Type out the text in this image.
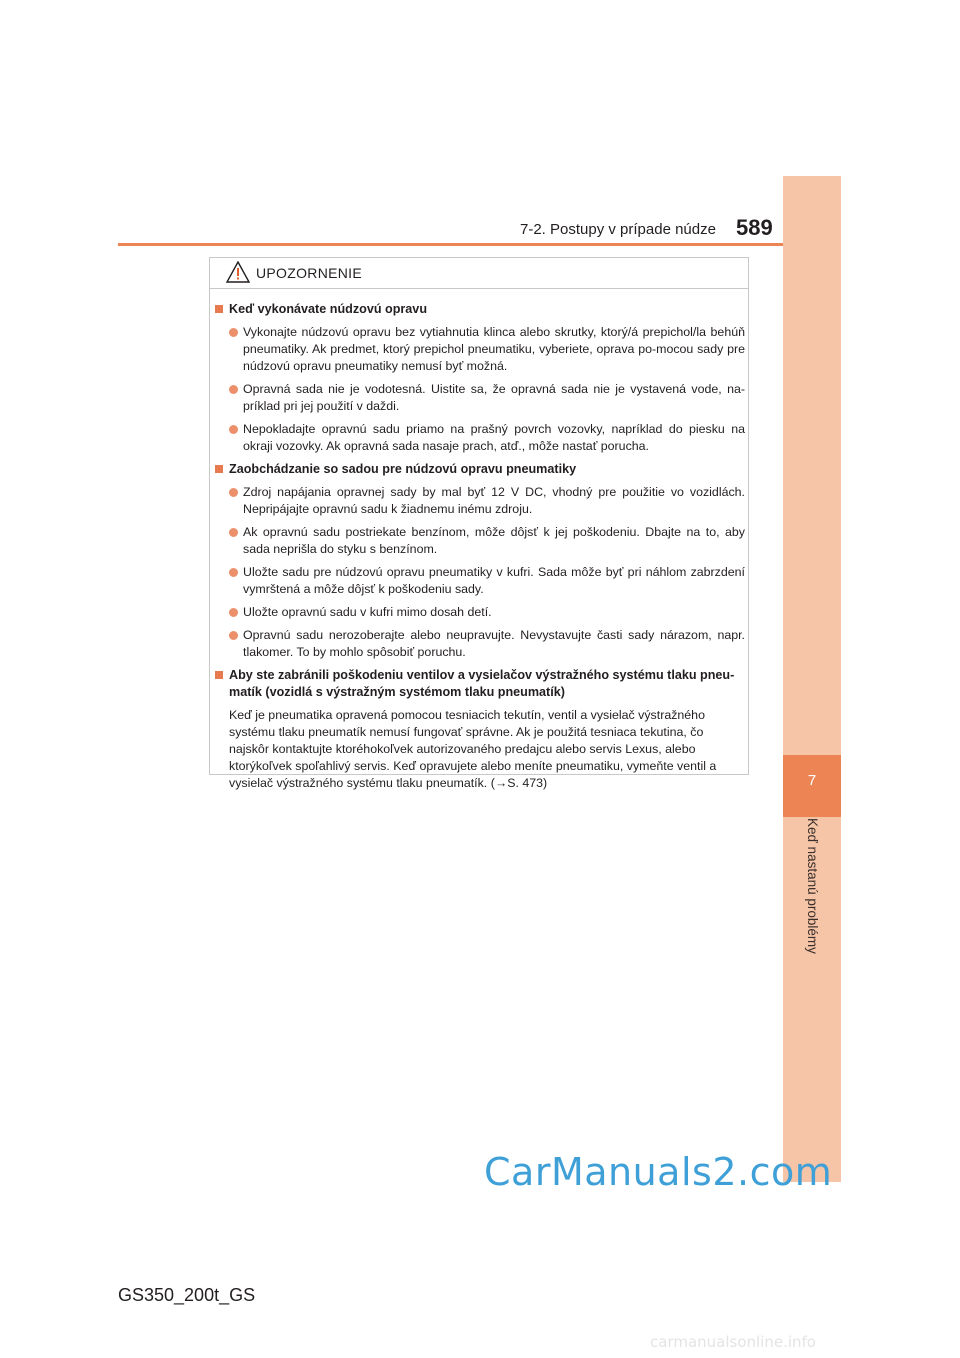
7
Keď nastanú problémy
7-2. Postupy v prípade núdze 589
UPOZORNENIE
Keď vykonávate núdzovú opravu
Vykonajte núdzovú opravu bez vytiahnutia klinca alebo skrutky, ktorý/á prepichol/la behúň pneumatiky. Ak predmet, ktorý prepichol pneumatiku, vyberiete, oprava po-mocou sady pre núdzovú opravu pneumatiky nemusí byť možná.
Opravná sada nie je vodotesná. Uistite sa, že opravná sada nie je vystavená vode, na-príklad pri jej použití v daždi.
Nepokladajte opravnú sadu priamo na prašný povrch vozovky, napríklad do piesku na okraji vozovky. Ak opravná sada nasaje prach, atď., môže nastať porucha.
Zaobchádzanie so sadou pre núdzovú opravu pneumatiky
Zdroj napájania opravnej sady by mal byť 12 V DC, vhodný pre použitie vo vozidlách. Nepripájajte opravnú sadu k žiadnemu inému zdroju.
Ak opravnú sadu postriekate benzínom, môže dôjsť k jej poškodeniu. Dbajte na to, aby sada neprišla do styku s benzínom.
Uložte sadu pre núdzovú opravu pneumatiky v kufri. Sada môže byť pri náhlom zabrzdení vymrštená a môže dôjsť k poškodeniu sady.
Uložte opravnú sadu v kufri mimo dosah detí.
Opravnú sadu nerozoberajte alebo neupravujte. Nevystavujte časti sady nárazom, napr. tlakomer. To by mohlo spôsobiť poruchu.
Aby ste zabránili poškodeniu ventilov a vysielačov výstražného systému tlaku pneu-matík (vozidlá s výstražným systémom tlaku pneumatík)
Keď je pneumatika opravená pomocou tesniacich tekutín, ventil a vysielač výstražného systému tlaku pneumatík nemusí fungovať správne. Ak je použitá tesniaca tekutina, čo najskôr kontaktujte ktoréhokoľvek autorizovaného predajcu alebo servis Lexus, alebo ktorýkoľvek spoľahlivý servis. Keď opravujete alebo meníte pneumatiku, vymeňte ventil a vysielač výstražného systému tlaku pneumatík. (→S. 473)
CarManuals2.com
GS350_200t_GS
carmanualsonline.info
